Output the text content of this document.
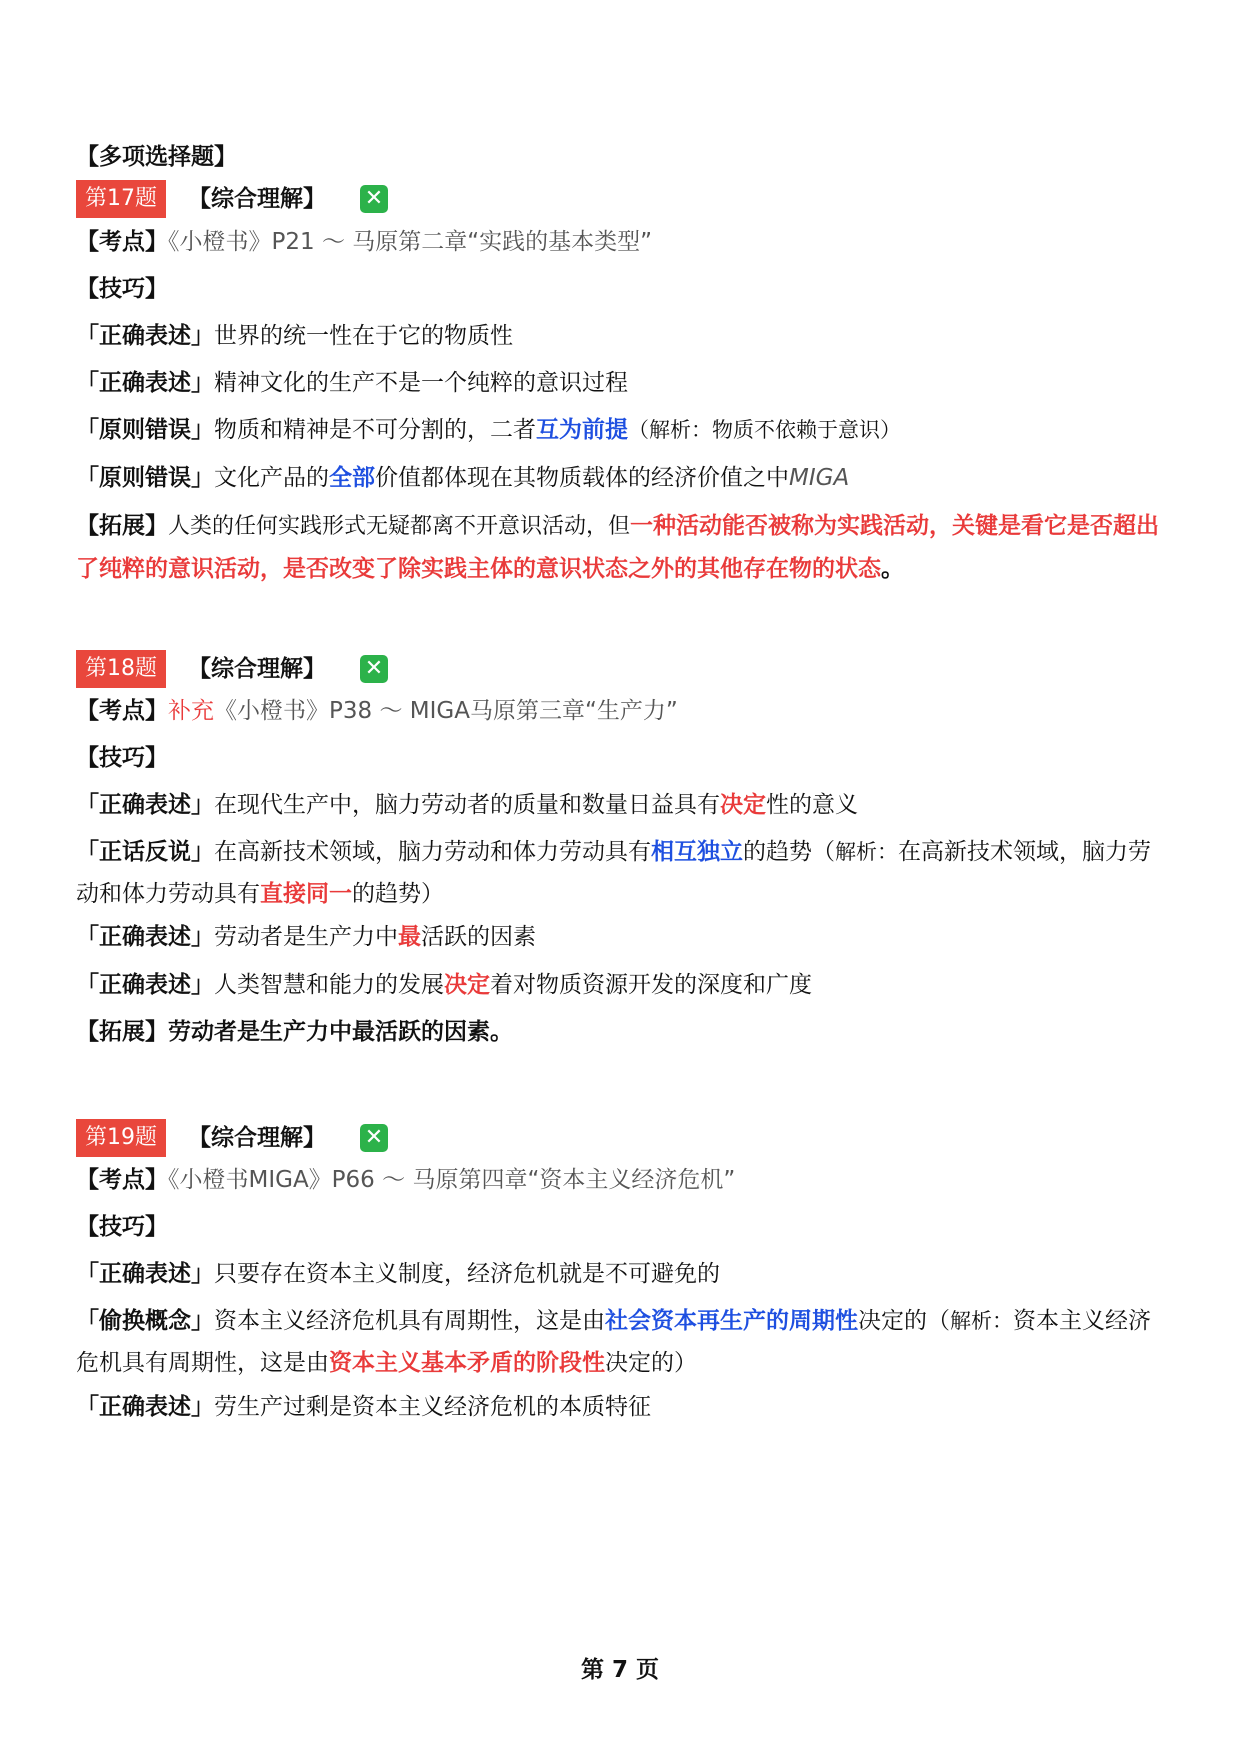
【多项选择题】
第17题 【综合理解】 ✕
【考点】《小橙书》P21 ～ 马原第二章“实践的基本类型”
【技巧】
「正确表述」世界的统一性在于它的物质性
「正确表述」精神文化的生产不是一个纯粹的意识过程
「原则错误」物质和精神是不可分割的，二者互为前提（解析：物质不依赖于意识）
「原则错误」文化产品的全部价值都体现在其物质载体的经济价值之中MIGA
【拓展】人类的任何实践形式无疑都离不开意识活动，但一种活动能否被称为实践活动，关键是看它是否超出了纯粹的意识活动，是否改变了除实践主体的意识状态之外的其他存在物的状态。
第18题 【综合理解】 ✕
【考点】补充《小橙书》P38 ～ MIGA马原第三章“生产力”
【技巧】
「正确表述」在现代生产中，脑力劳动者的质量和数量日益具有决定性的意义
「正话反说」在高新技术领域，脑力劳动和体力劳动具有相互独立的趋势（解析：在高新技术领域，脑力劳动和体力劳动具有直接同一的趋势）
「正确表述」劳动者是生产力中最活跃的因素
「正确表述」人类智慧和能力的发展决定着对物质资源开发的深度和广度
【拓展】劳动者是生产力中最活跃的因素。
第19题 【综合理解】 ✕
【考点】《小橙书MIGA》P66 ～ 马原第四章“资本主义经济危机”
【技巧】
「正确表述」只要存在资本主义制度，经济危机就是不可避免的
「偷换概念」资本主义经济危机具有周期性，这是由社会资本再生产的周期性决定的（解析：资本主义经济危机具有周期性，这是由资本主义基本矛盾的阶段性决定的）
「正确表述」劳生产过剩是资本主义经济危机的本质特征
第 7 页
